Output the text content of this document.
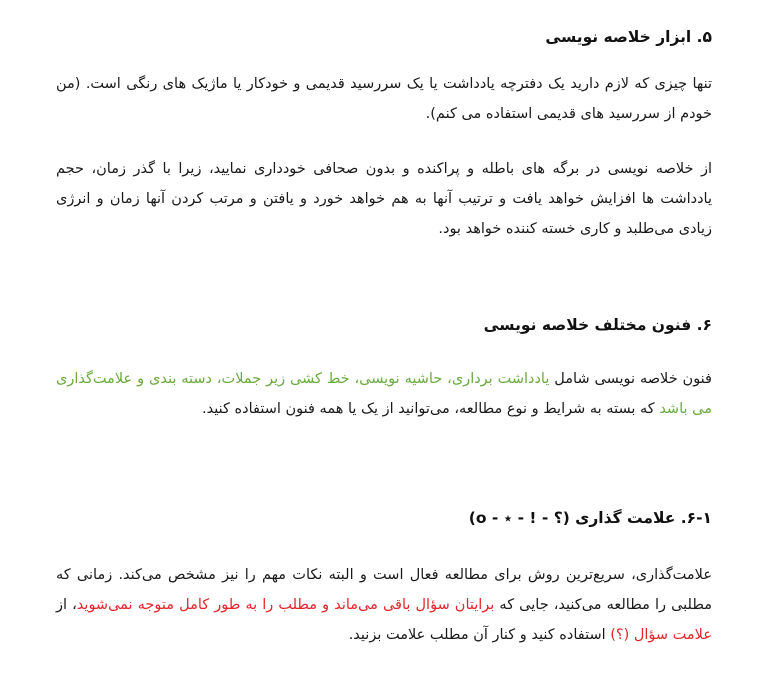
۵. ابزار خلاصه نویسی

تنها چیزی که لازم دارید یک دفترچه یادداشت یا یک سررسید قدیمی و خودکار یا ماژیک های رنگی است. (من خودم از سررسید های قدیمی استفاده می کنم).

از خلاصه نویسی در برگه های باطله و پراکنده و بدون صحافی خودداری نمایید، زیرا با گذر زمان، حجم یادداشت ها افزایش خواهد یافت و ترتیب آنها به هم خواهد خورد و یافتن و مرتب کردن آنها زمان و انرژی زیادی می‌طلبد و کاری خسته کننده خواهد بود.

۶. فنون مختلف خلاصه نویسی

فنون خلاصه نویسی شامل یادداشت برداری، حاشیه نویسی، خط کشی زیر جملات، دسته بندی و علامت‌گذاری می باشد که بسته به شرایط و نوع مطالعه، می‌توانید از یک یا همه فنون استفاده کنید.

۶-۱. علامت گذاری (؟ - ! - ٭ - o)

علامت‌گذاری، سریع‌ترین روش برای مطالعه فعال است و البته نکات مهم را نیز مشخص می‌کند. زمانی که مطلبی را مطالعه می‌کنید، جایی که برایتان سؤال باقی می‌ماند و مطلب را به طور کامل متوجه نمی‌شوید، از علامت سؤال (؟) استفاده کنید و کنار آن مطلب علامت بزنید.
